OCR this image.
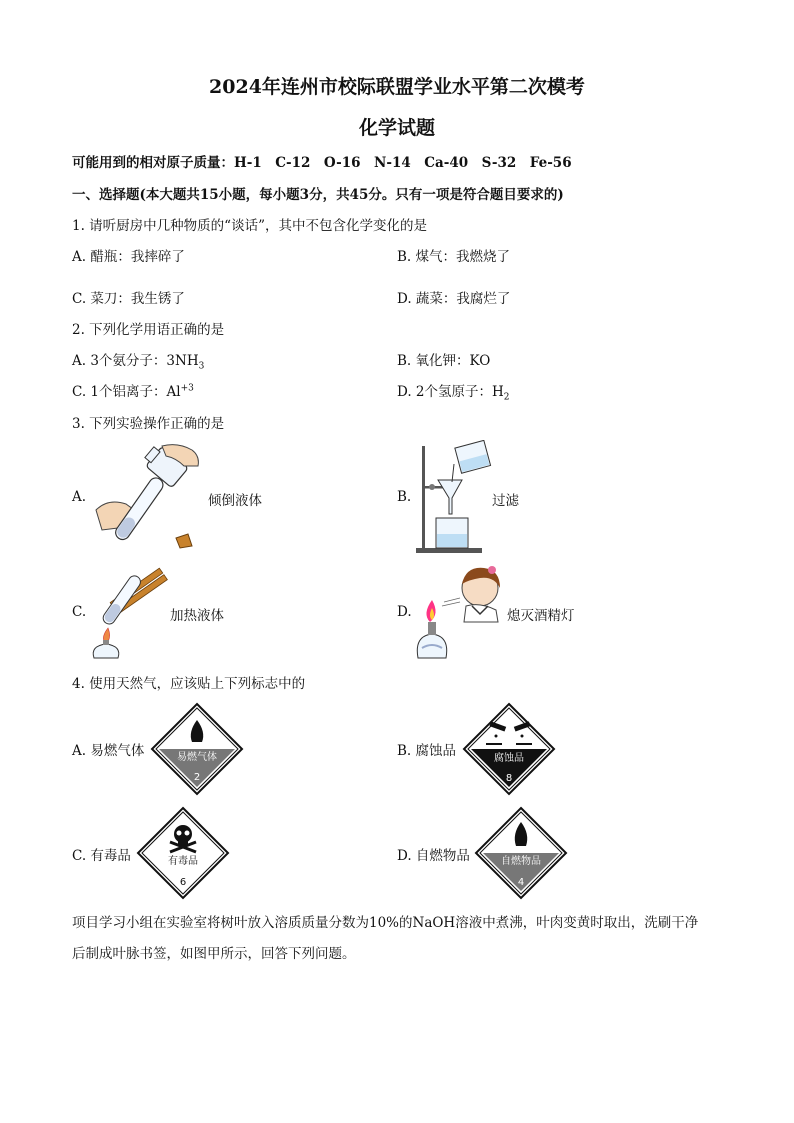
2024年连州市校际联盟学业水平第二次模考
化学试题
可能用到的相对原子质量：H-1　C-12　O-16　N-14　Ca-40　S-32　Fe-56
一、选择题(本大题共15小题，每小题3分，共45分。只有一项是符合题目要求的)
1. 请听厨房中几种物质的“谈话”，其中不包含化学变化的是
A. 醋瓶：我摔碎了	B. 煤气：我燃烧了
C. 菜刀：我生锈了	D. 蔬菜：我腐烂了
2. 下列化学用语正确的是
A. 3个氨分子：$3NH_3$	B. 氧化钾：KO
C. 1个铝离子：$Al^{+3}$	D. 2个氢原子：$H_2$
3. 下列实验操作正确的是
A.	倾倒液体	B.	过滤
C.	加热液体	D.	熄灭酒精灯
4. 使用天然气，应该贴上下列标志中的
A. 易燃气体	易燃气体
2
B. 腐蚀品	腐蚀品
8
C. 有毒品	有毒品
6
D. 自燃物品	自燃物品
4
项目学习小组在实验室将树叶放入溶质质量分数为10%的NaOH溶液中煮沸，叶肉变黄时取出，洗刷干净
后制成叶脉书签，如图甲所示，回答下列问题。
